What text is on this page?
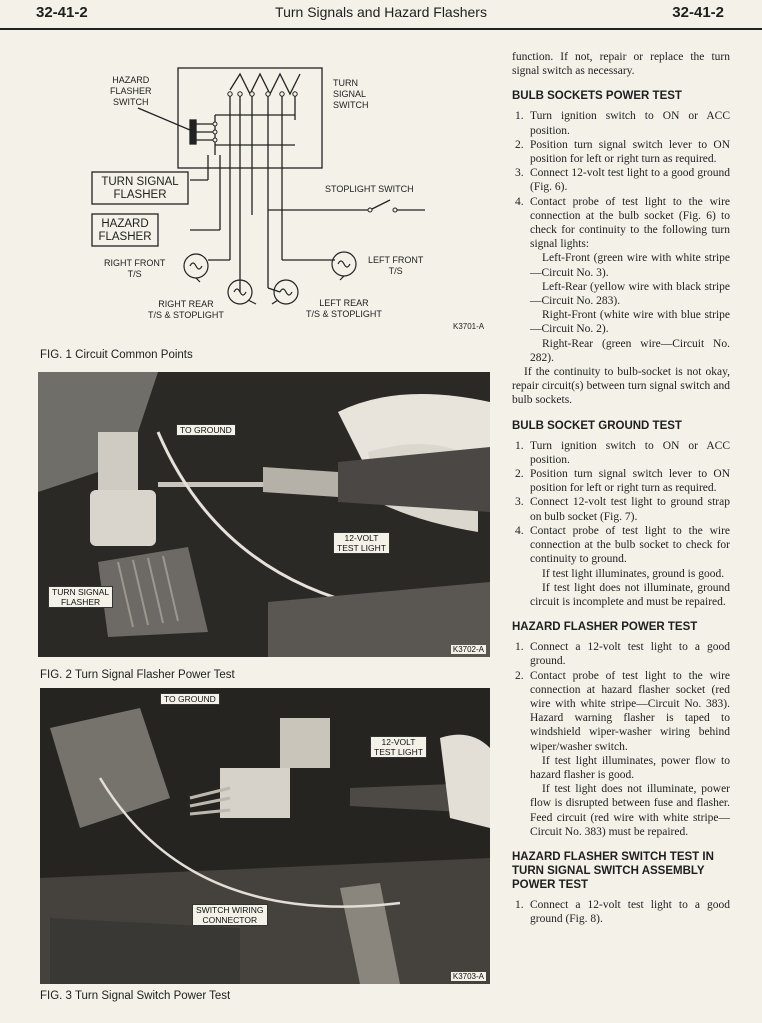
32-41-2	Turn Signals and Hazard Flashers	32-41-2
HAZARD
FLASHER
SWITCH
TURN
SIGNAL
SWITCH
TURN SIGNAL
FLASHER
HAZARD
FLASHER
STOPLIGHT SWITCH
RIGHT FRONT
T/S
LEFT FRONT
T/S
RIGHT REAR
T/S & STOPLIGHT
LEFT REAR
T/S & STOPLIGHT
K3701-A
FIG. 1 Circuit Common Points
TO GROUND
12-VOLT
TEST LIGHT
TURN SIGNAL
FLASHER
K3702-A
FIG. 2 Turn Signal Flasher Power Test
TO GROUND
12-VOLT
TEST LIGHT
SWITCH WIRING
CONNECTOR
K3703-A
FIG. 3 Turn Signal Switch Power Test

function. If not, repair or replace the turn signal switch as necessary.

BULB SOCKETS POWER TEST
1. Turn ignition switch to ON or ACC position.
2. Position turn signal switch lever to ON position for left or right turn as required.
3. Connect 12-volt test light to a good ground (Fig. 6).
4. Contact probe of test light to the wire connection at the bulb socket (Fig. 6) to check for continuity to the following turn signal lights:

Left-Front (green wire with white stripe—Circuit No. 3).

Left-Rear (yellow wire with black stripe—Circuit No. 283).

Right-Front (white wire with blue stripe—Circuit No. 2).

Right-Rear (green wire—Circuit No. 282).

If the continuity to bulb-socket is not okay, repair circuit(s) between turn signal switch and bulb sockets.

BULB SOCKET GROUND TEST
1. Turn ignition switch to ON or ACC position.
2. Position turn signal switch lever to ON position for left or right turn as required.
3. Connect 12-volt test light to ground strap on bulb socket (Fig. 7).
4. Contact probe of test light to the wire connection at the bulb socket to check for continuity to ground.

If test light illuminates, ground is good.

If test light does not illuminate, ground circuit is incomplete and must be repaired.

HAZARD FLASHER POWER TEST
1. Connect a 12-volt test light to a good ground.
2. Contact probe of test light to the wire connection at hazard flasher socket (red wire with white stripe—Circuit No. 383). Hazard warning flasher is taped to windshield wiper-washer wiring behind wiper/washer switch.

If test light illuminates, power flow to hazard flasher is good.

If test light does not illuminate, power flow is disrupted between fuse and flasher. Feed circuit (red wire with white stripe—Circuit No. 383) must be repaired.

HAZARD FLASHER SWITCH TEST IN TURN SIGNAL SWITCH ASSEMBLY POWER TEST
1. Connect a 12-volt test light to a good ground (Fig. 8).
